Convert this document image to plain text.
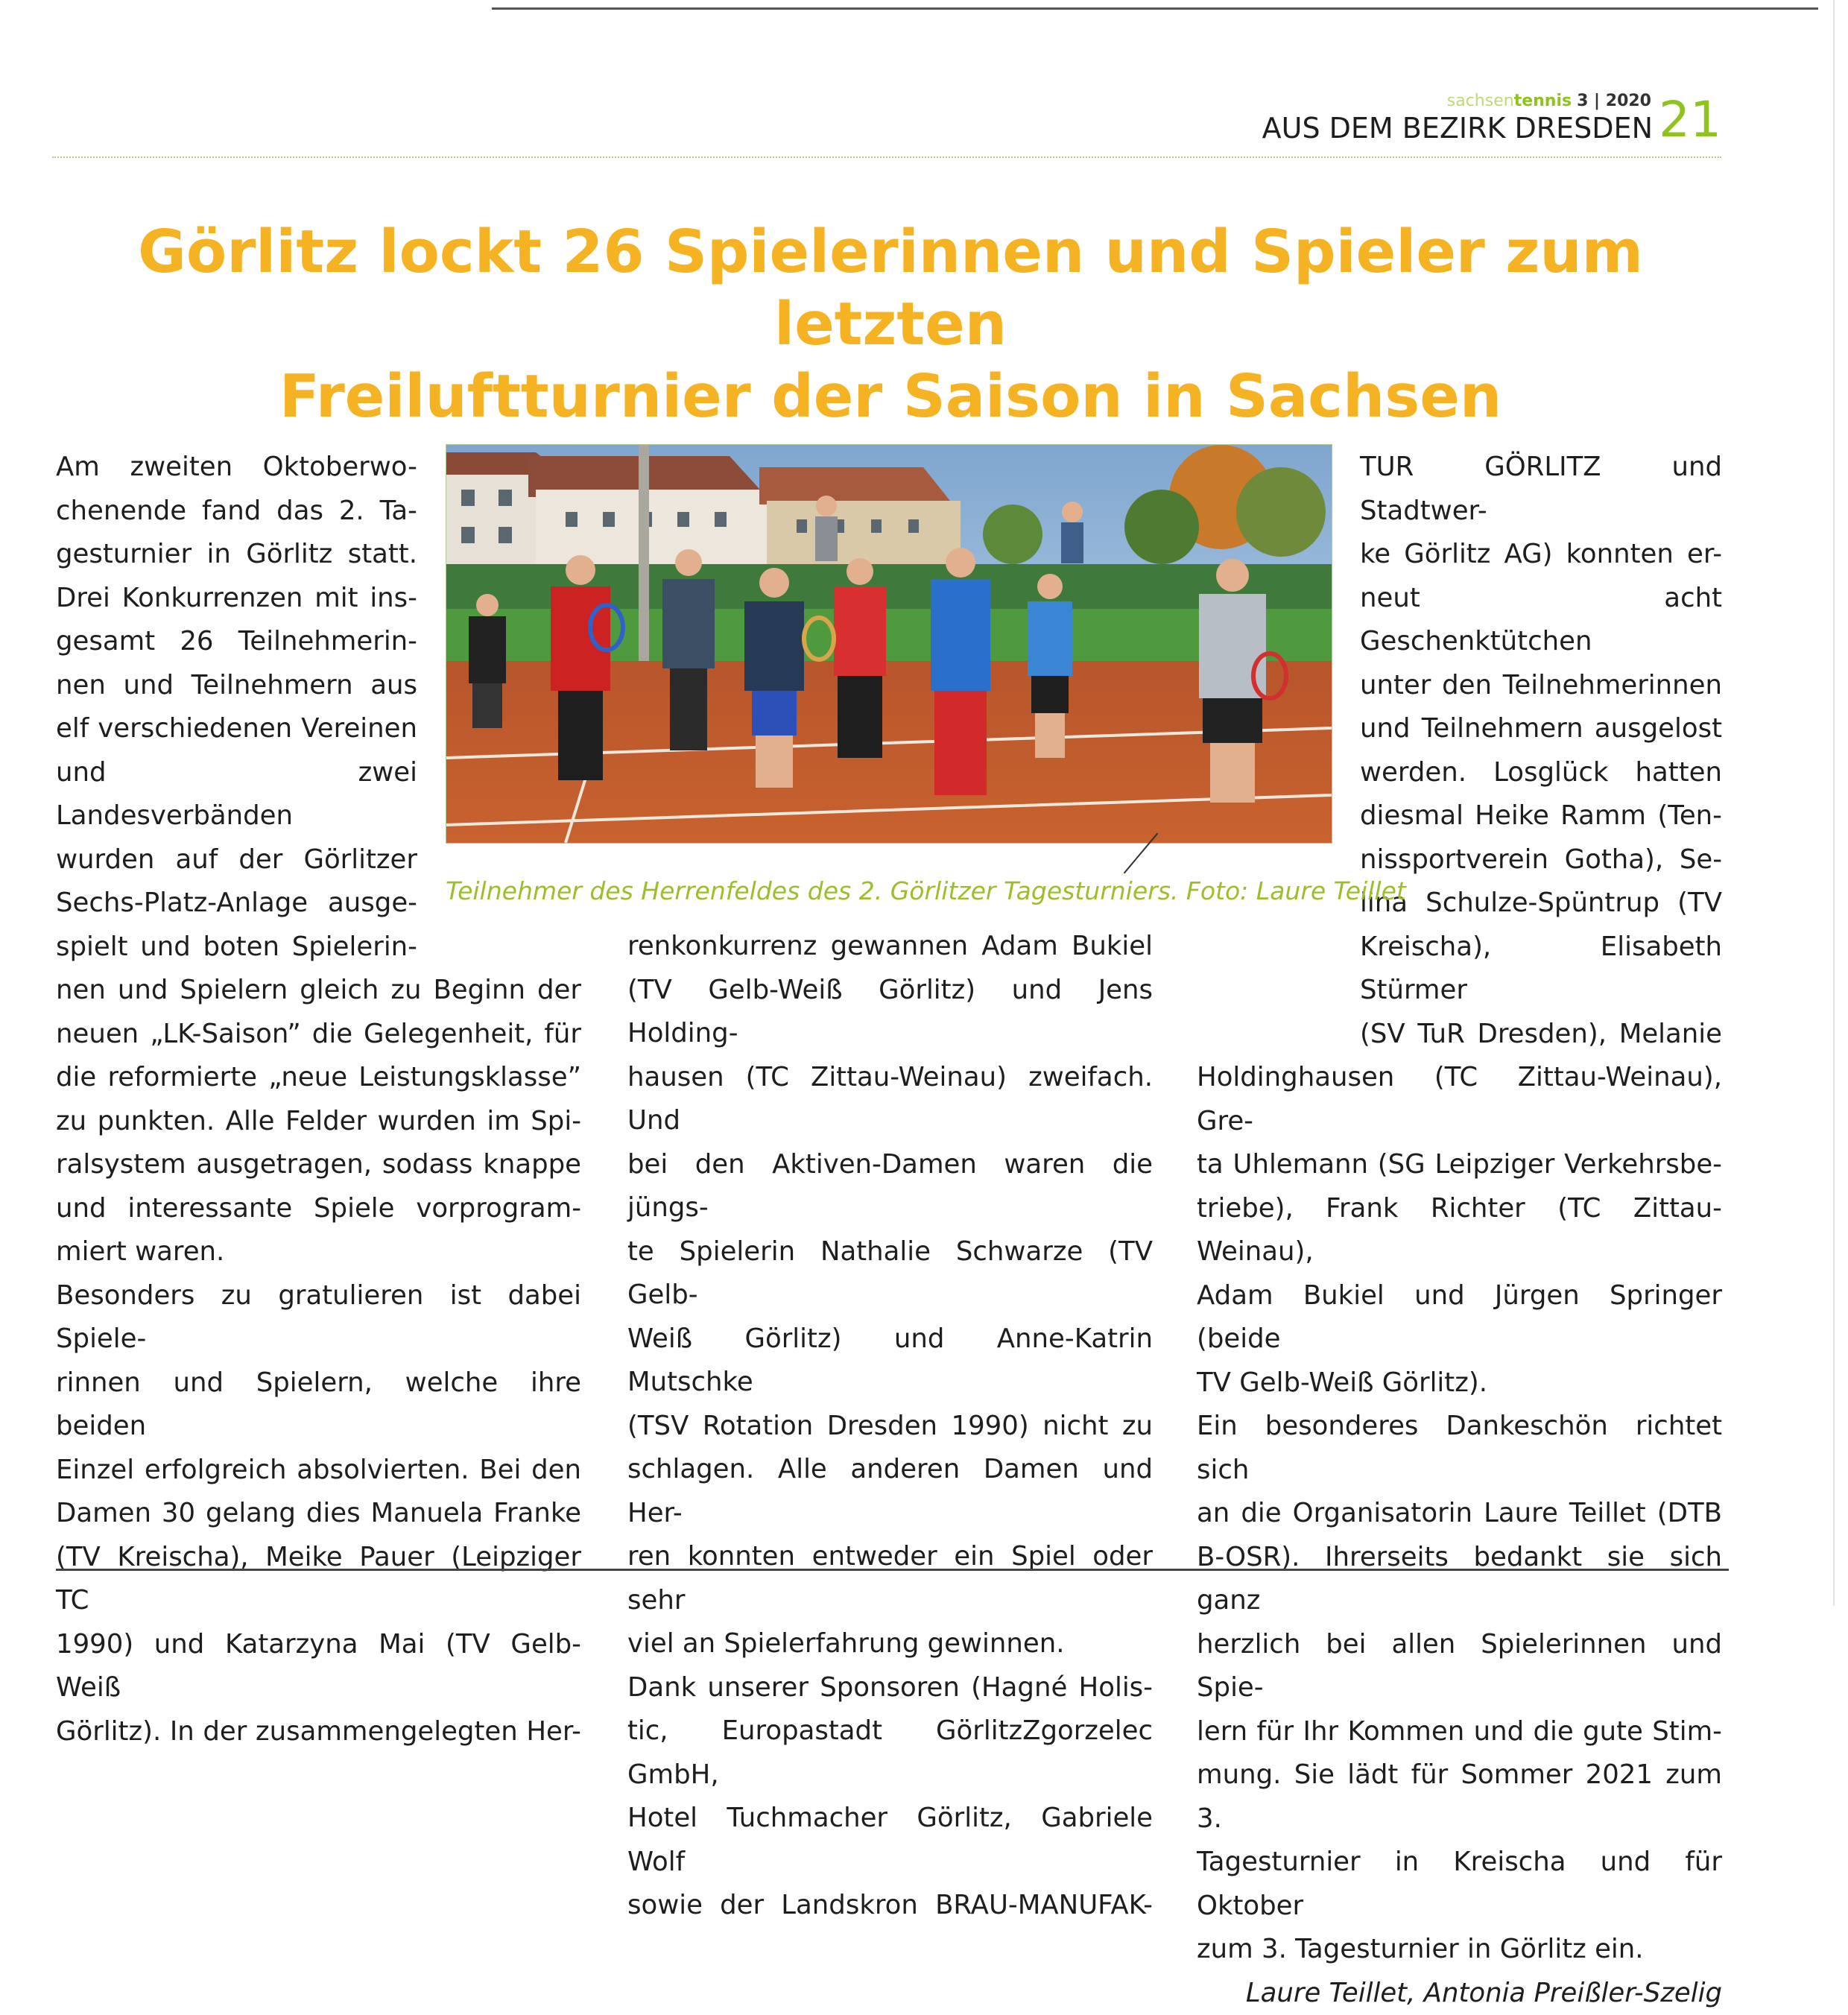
sachsentennis 3 | 2020
AUS DEM BEZIRK DRESDEN 21
Görlitz lockt 26 Spielerinnen und Spieler zum letzten
Freiluftturnier der Saison in Sachsen

Am zweiten Oktoberwo-

chenende fand das 2. Ta-

gesturnier in Görlitz statt.

Drei Konkurrenzen mit ins-

gesamt 26 Teilnehmerin-

nen und Teilnehmern aus

elf verschiedenen Vereinen

und zwei Landesverbänden

wurden auf der Görlitzer

Sechs-Platz-Anlage ausge-

spielt und boten Spielerin-

nen und Spielern gleich zu Beginn der

neuen „LK-Saison” die Gelegenheit, für

die reformierte „neue Leistungsklasse”

zu punkten. Alle Felder wurden im Spi-

ralsystem ausgetragen, sodass knappe

und interessante Spiele vorprogram-

miert waren.

Besonders zu gratulieren ist dabei Spiele-

rinnen und Spielern, welche ihre beiden

Einzel erfolgreich absolvierten. Bei den

Damen 30 gelang dies Manuela Franke

(TV Kreischa), Meike Pauer (Leipziger TC

1990) und Katarzyna Mai (TV Gelb-Weiß

Görlitz). In der zusammengelegten Her-

renkonkurrenz gewannen Adam Bukiel

(TV Gelb-Weiß Görlitz) und Jens Holding-

hausen (TC Zittau-Weinau) zweifach. Und

bei den Aktiven-Damen waren die jüngs-

te Spielerin Nathalie Schwarze (TV Gelb-

Weiß Görlitz) und Anne-Katrin Mutschke

(TSV Rotation Dresden 1990) nicht zu

schlagen. Alle anderen Damen und Her-

ren konnten entweder ein Spiel oder sehr

viel an Spielerfahrung gewinnen.

Dank unserer Sponsoren (Hagné Holis-

tic, Europastadt GörlitzZgorzelec GmbH,

Hotel Tuchmacher Görlitz, Gabriele Wolf

sowie der Landskron BRAU-MANUFAK-

TUR GÖRLITZ und Stadtwer-

ke Görlitz AG) konnten er-

neut acht Geschenktütchen

unter den Teilnehmerinnen

und Teilnehmern ausgelost

werden. Losglück hatten

diesmal Heike Ramm (Ten-

nissportverein Gotha), Se-

lina Schulze-Spüntrup (TV

Kreischa), Elisabeth Stürmer

(SV TuR Dresden), Melanie

Holdinghausen (TC Zittau-Weinau), Gre-

ta Uhlemann (SG Leipziger Verkehrsbe-

triebe), Frank Richter (TC Zittau-Weinau),

Adam Bukiel und Jürgen Springer (beide

TV Gelb-Weiß Görlitz).

Ein besonderes Dankeschön richtet sich

an die Organisatorin Laure Teillet (DTB

B-OSR). Ihrerseits bedankt sie sich ganz

herzlich bei allen Spielerinnen und Spie-

lern für Ihr Kommen und die gute Stim-

mung. Sie lädt für Sommer 2021 zum 3.

Tagesturnier in Kreischa und für Oktober

zum 3. Tagesturnier in Görlitz ein.

Laure Teillet, Antonia Preißler-Szelig

Teilnehmer des Herrenfeldes des 2. Görlitzer Tagesturniers. Foto: Laure Teillet
